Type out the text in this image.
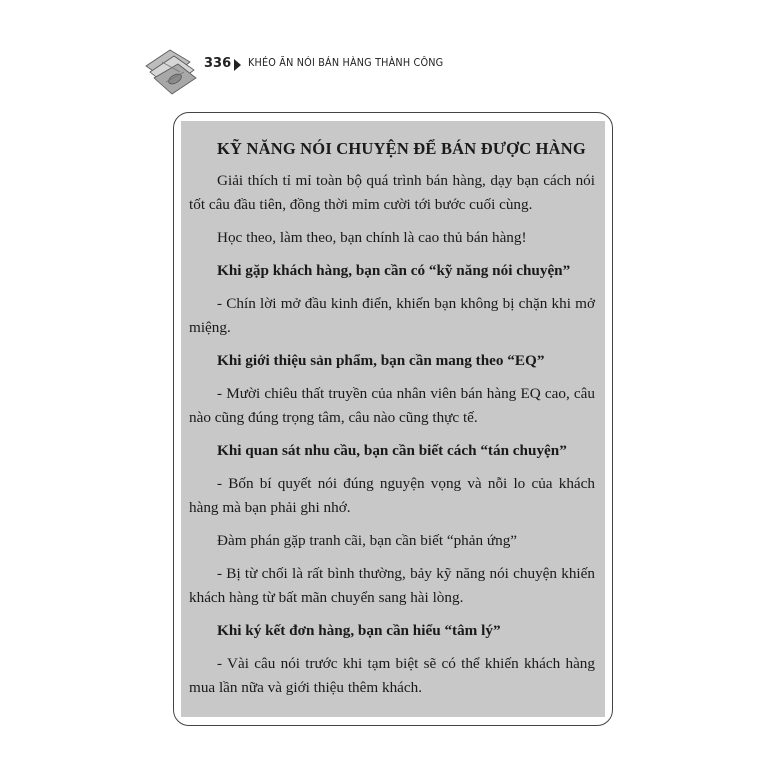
336 KHÉO ĂN NÓI BÁN HÀNG THÀNH CÔNG
KỸ NĂNG NÓI CHUYỆN ĐỂ BÁN ĐƯỢC HÀNG

Giải thích tỉ mỉ toàn bộ quá trình bán hàng, dạy bạn cách nói tốt câu đầu tiên, đồng thời mỉm cười tới bước cuối cùng.

Học theo, làm theo, bạn chính là cao thủ bán hàng!

Khi gặp khách hàng, bạn cần có “kỹ năng nói chuyện”

- Chín lời mở đầu kinh điển, khiến bạn không bị chặn khi mở miệng.

Khi giới thiệu sản phẩm, bạn cần mang theo “EQ”

- Mười chiêu thất truyền của nhân viên bán hàng EQ cao, câu nào cũng đúng trọng tâm, câu nào cũng thực tế.

Khi quan sát nhu cầu, bạn cần biết cách “tán chuyện”

- Bốn bí quyết nói đúng nguyện vọng và nỗi lo của khách hàng mà bạn phải ghi nhớ.

Đàm phán gặp tranh cãi, bạn cần biết “phản ứng”

- Bị từ chối là rất bình thường, bảy kỹ năng nói chuyện khiến khách hàng từ bất mãn chuyển sang hài lòng.

Khi ký kết đơn hàng, bạn cần hiểu “tâm lý”

- Vài câu nói trước khi tạm biệt sẽ có thể khiến khách hàng mua lần nữa và giới thiệu thêm khách.
